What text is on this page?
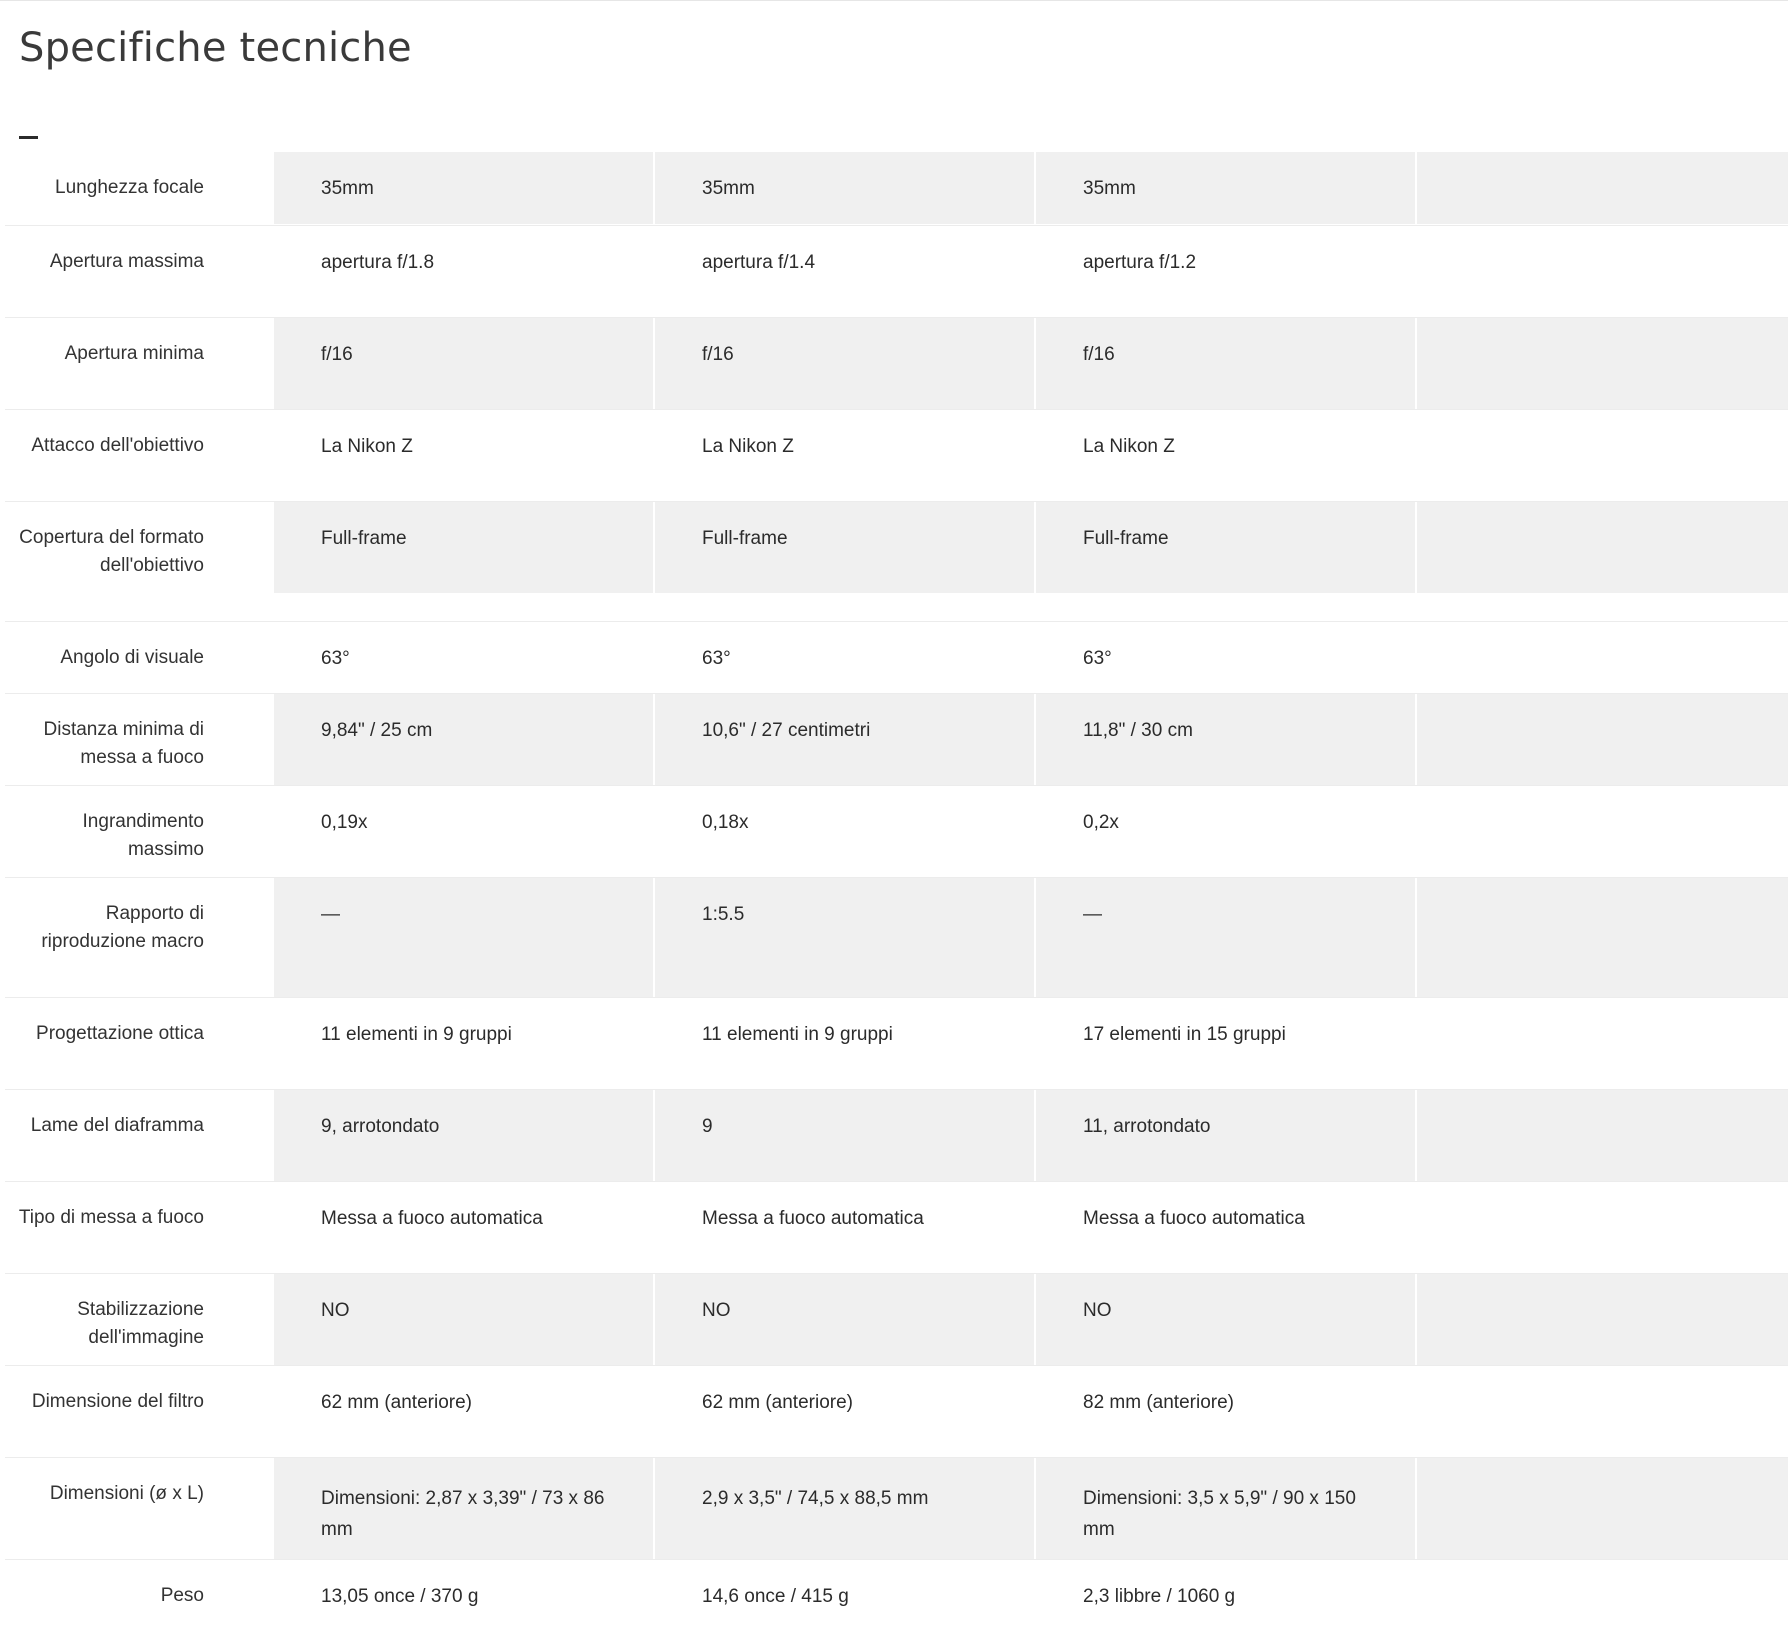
Specifiche tecniche
Lunghezza focale	35mm	35mm	35mm	

Apertura massima	apertura f/1.8	apertura f/1.4	apertura f/1.2	

Apertura minima	f/16	f/16	f/16	

Attacco dell'obiettivo	La Nikon Z	La Nikon Z	La Nikon Z	

Copertura del formato dell'obiettivo	Full-frame	Full-frame	Full-frame	

Angolo di visuale	63°	63°	63°	

Distanza minima di messa a fuoco	9,84" / 25 cm	10,6" / 27 centimetri	11,8" / 30 cm	

Ingrandimento massimo	0,19x	0,18x	0,2x	

Rapporto di riproduzione macro	—	1:5.5	—	

Progettazione ottica	11 elementi in 9 gruppi	11 elementi in 9 gruppi	17 elementi in 15 gruppi	

Lame del diaframma	9, arrotondato	9	11, arrotondato	

Tipo di messa a fuoco	Messa a fuoco automatica	Messa a fuoco automatica	Messa a fuoco automatica	

Stabilizzazione dell'immagine	NO	NO	NO	

Dimensione del filtro	62 mm (anteriore)	62 mm (anteriore)	82 mm (anteriore)	

Dimensioni (ø x L)	Dimensioni: 2,87 x 3,39" / 73 x 86 mm	2,9 x 3,5" / 74,5 x 88,5 mm	Dimensioni: 3,5 x 5,9" / 90 x 150 mm	

Peso	13,05 once / 370 g	14,6 once / 415 g	2,3 libbre / 1060 g	
